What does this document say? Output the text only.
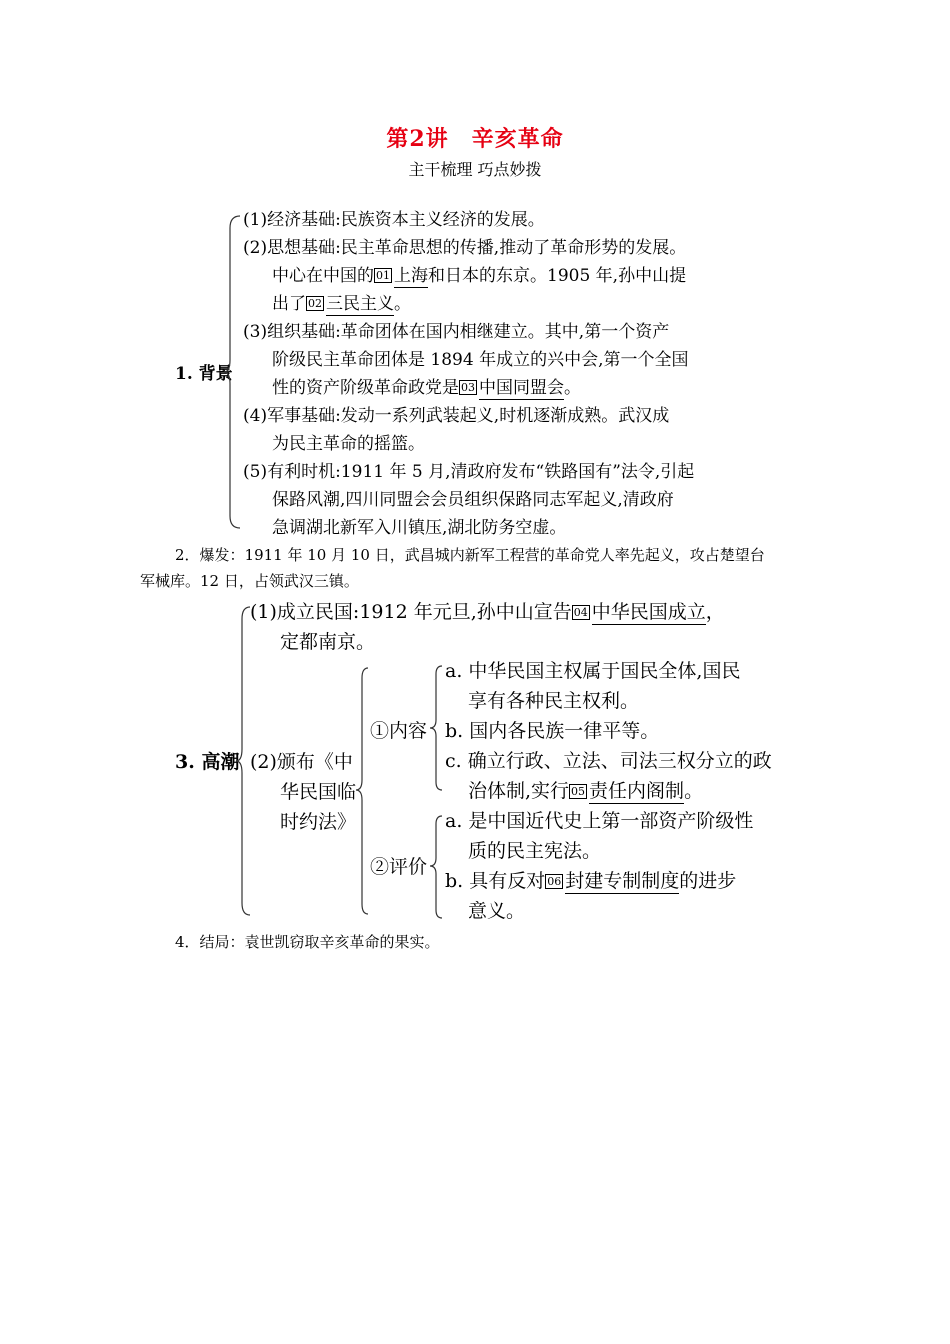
第2讲　辛亥革命
主干梳理 巧点妙拨
1. 背景
(1)经济基础:民族资本主义经济的发展。
(2)思想基础:民主革命思想的传播,推动了革命形势的发展。
中心在中国的 01 上海和日本的东京。1905 年,孙中山提
出了 02 三民主义。
(3)组织基础:革命团体在国内相继建立。其中,第一个资产
阶级民主革命团体是 1894 年成立的兴中会,第一个全国
性的资产阶级革命政党是 03 中国同盟会。
(4)军事基础:发动一系列武装起义,时机逐渐成熟。武汉成
为民主革命的摇篮。
(5)有利时机:1911 年 5 月,清政府发布“铁路国有”法令,引起
保路风潮,四川同盟会会员组织保路同志军起义,清政府
急调湖北新军入川镇压,湖北防务空虚。
2．爆发：1911 年 10 月 10 日，武昌城内新军工程营的革命党人率先起义，攻占楚望台
军械库。12 日，占领武汉三镇。
3. 高潮
(1)成立民国:1912 年元旦,孙中山宣告 04 中华民国成立，
定都南京。
(2)颁布《中
华民国临
时约法》
①内容
a. 中华民国主权属于国民全体,国民
享有各种民主权利。
b. 国内各民族一律平等。
c. 确立行政、立法、司法三权分立的政
治体制,实行 05 责任内阁制。
②评价
a. 是中国近代史上第一部资产阶级性
质的民主宪法。
b. 具有反对 06 封建专制制度的进步
意义。
4．结局：袁世凯窃取辛亥革命的果实。
